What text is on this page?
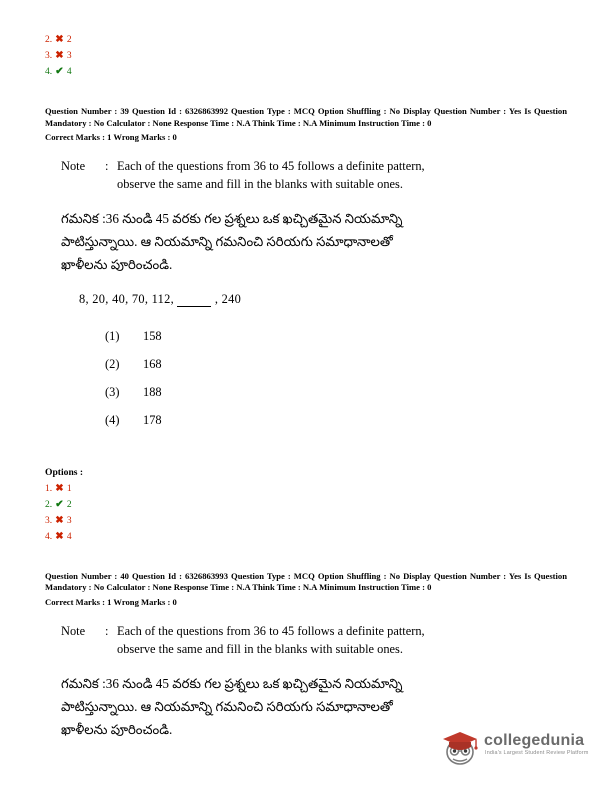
2. ✖ 2
3. ✖ 3
4. ✔ 4

Question Number : 39 Question Id : 6326863992 Question Type : MCQ Option Shuffling : No Display Question Number : Yes Is Question Mandatory : No Calculator : None Response Time : N.A Think Time : N.A Minimum Instruction Time : 0

Correct Marks : 1 Wrong Marks : 0

Note	: Each of the questions from 36 to 45 follows a definite pattern,
observe the same and fill in the blanks with suitable ones.
గమనిక :36 నుండి 45 వరకు గల ప్రశ్నలు ఒక ఖచ్చితమైన నియమాన్ని
పాటిస్తున్నాయి. ఆ నియమాన్ని గమనించి సరియగు సమాధానాలతో
ఖాళీలను పూరించండి.
8, 20, 40, 70, 112,	, 240
(1)	158
(2)	168
(3)	188
(4)	178
Options :
1. ✖ 1
2. ✔ 2
3. ✖ 3
4. ✖ 4

Question Number : 40 Question Id : 6326863993 Question Type : MCQ Option Shuffling : No Display Question Number : Yes Is Question Mandatory : No Calculator : None Response Time : N.A Think Time : N.A Minimum Instruction Time : 0

Correct Marks : 1 Wrong Marks : 0

Note	: Each of the questions from 36 to 45 follows a definite pattern,
observe the same and fill in the blanks with suitable ones.
గమనిక :36 నుండి 45 వరకు గల ప్రశ్నలు ఒక ఖచ్చితమైన నియమాన్ని
పాటిస్తున్నాయి. ఆ నియమాన్ని గమనించి సరియగు సమాధానాలతో
ఖాళీలను పూరించండి.
collegedunia
India's Largest Student Review Platform
